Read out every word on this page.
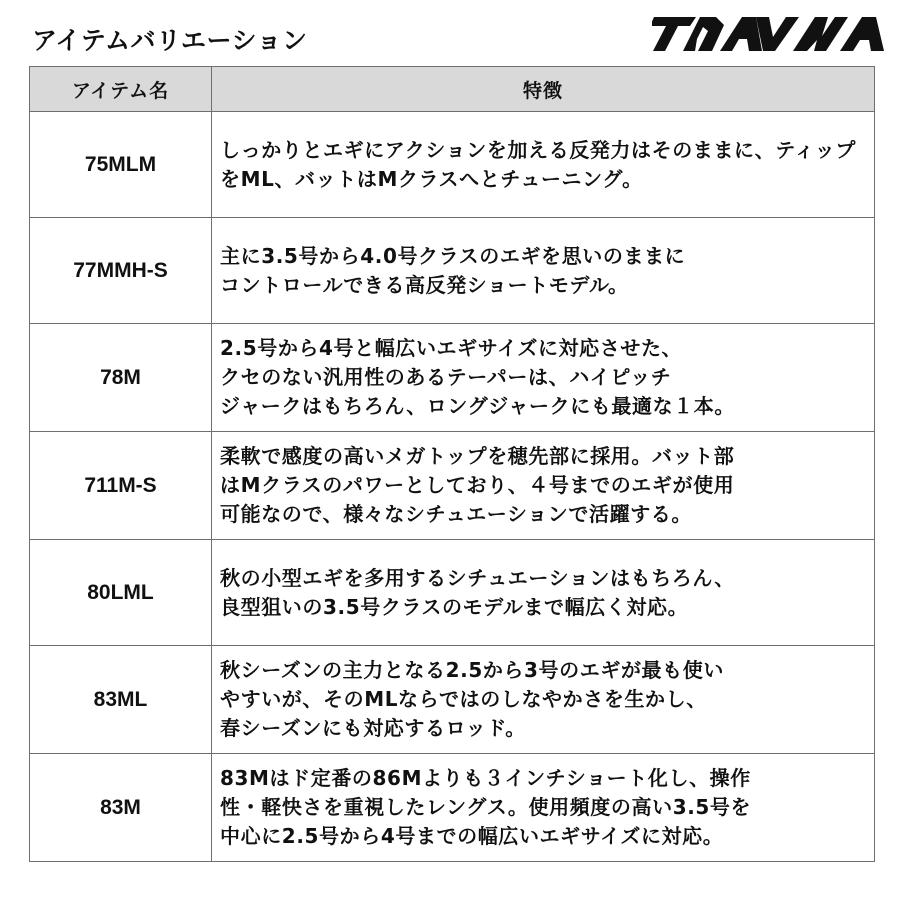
アイテムバリエーション
アイテム名	特徴
75MLM	しっかりとエギにアクションを加える反発力はそのままに、ティップをML、バットはMクラスへとチューニング。
77MMH-S	主に3.5号から4.0号クラスのエギを思いのままに
コントロールできる高反発ショートモデル。
78M	2.5号から4号と幅広いエギサイズに対応させた、
クセのない汎用性のあるテーパーは、ハイピッチ
ジャークはもちろん、ロングジャークにも最適な１本。
711M-S	柔軟で感度の高いメガトップを穂先部に採用。バット部
はMクラスのパワーとしており、４号までのエギが使用
可能なので、様々なシチュエーションで活躍する。
80LML	秋の小型エギを多用するシチュエーションはもちろん、
良型狙いの3.5号クラスのモデルまで幅広く対応。
83ML	秋シーズンの主力となる2.5から3号のエギが最も使い
やすいが、そのMLならではのしなやかさを生かし、
春シーズンにも対応するロッド。
83M	83Mはド定番の86Mよりも３インチショート化し、操作
性・軽快さを重視したレングス。使用頻度の高い3.5号を
中心に2.5号から4号までの幅広いエギサイズに対応。
